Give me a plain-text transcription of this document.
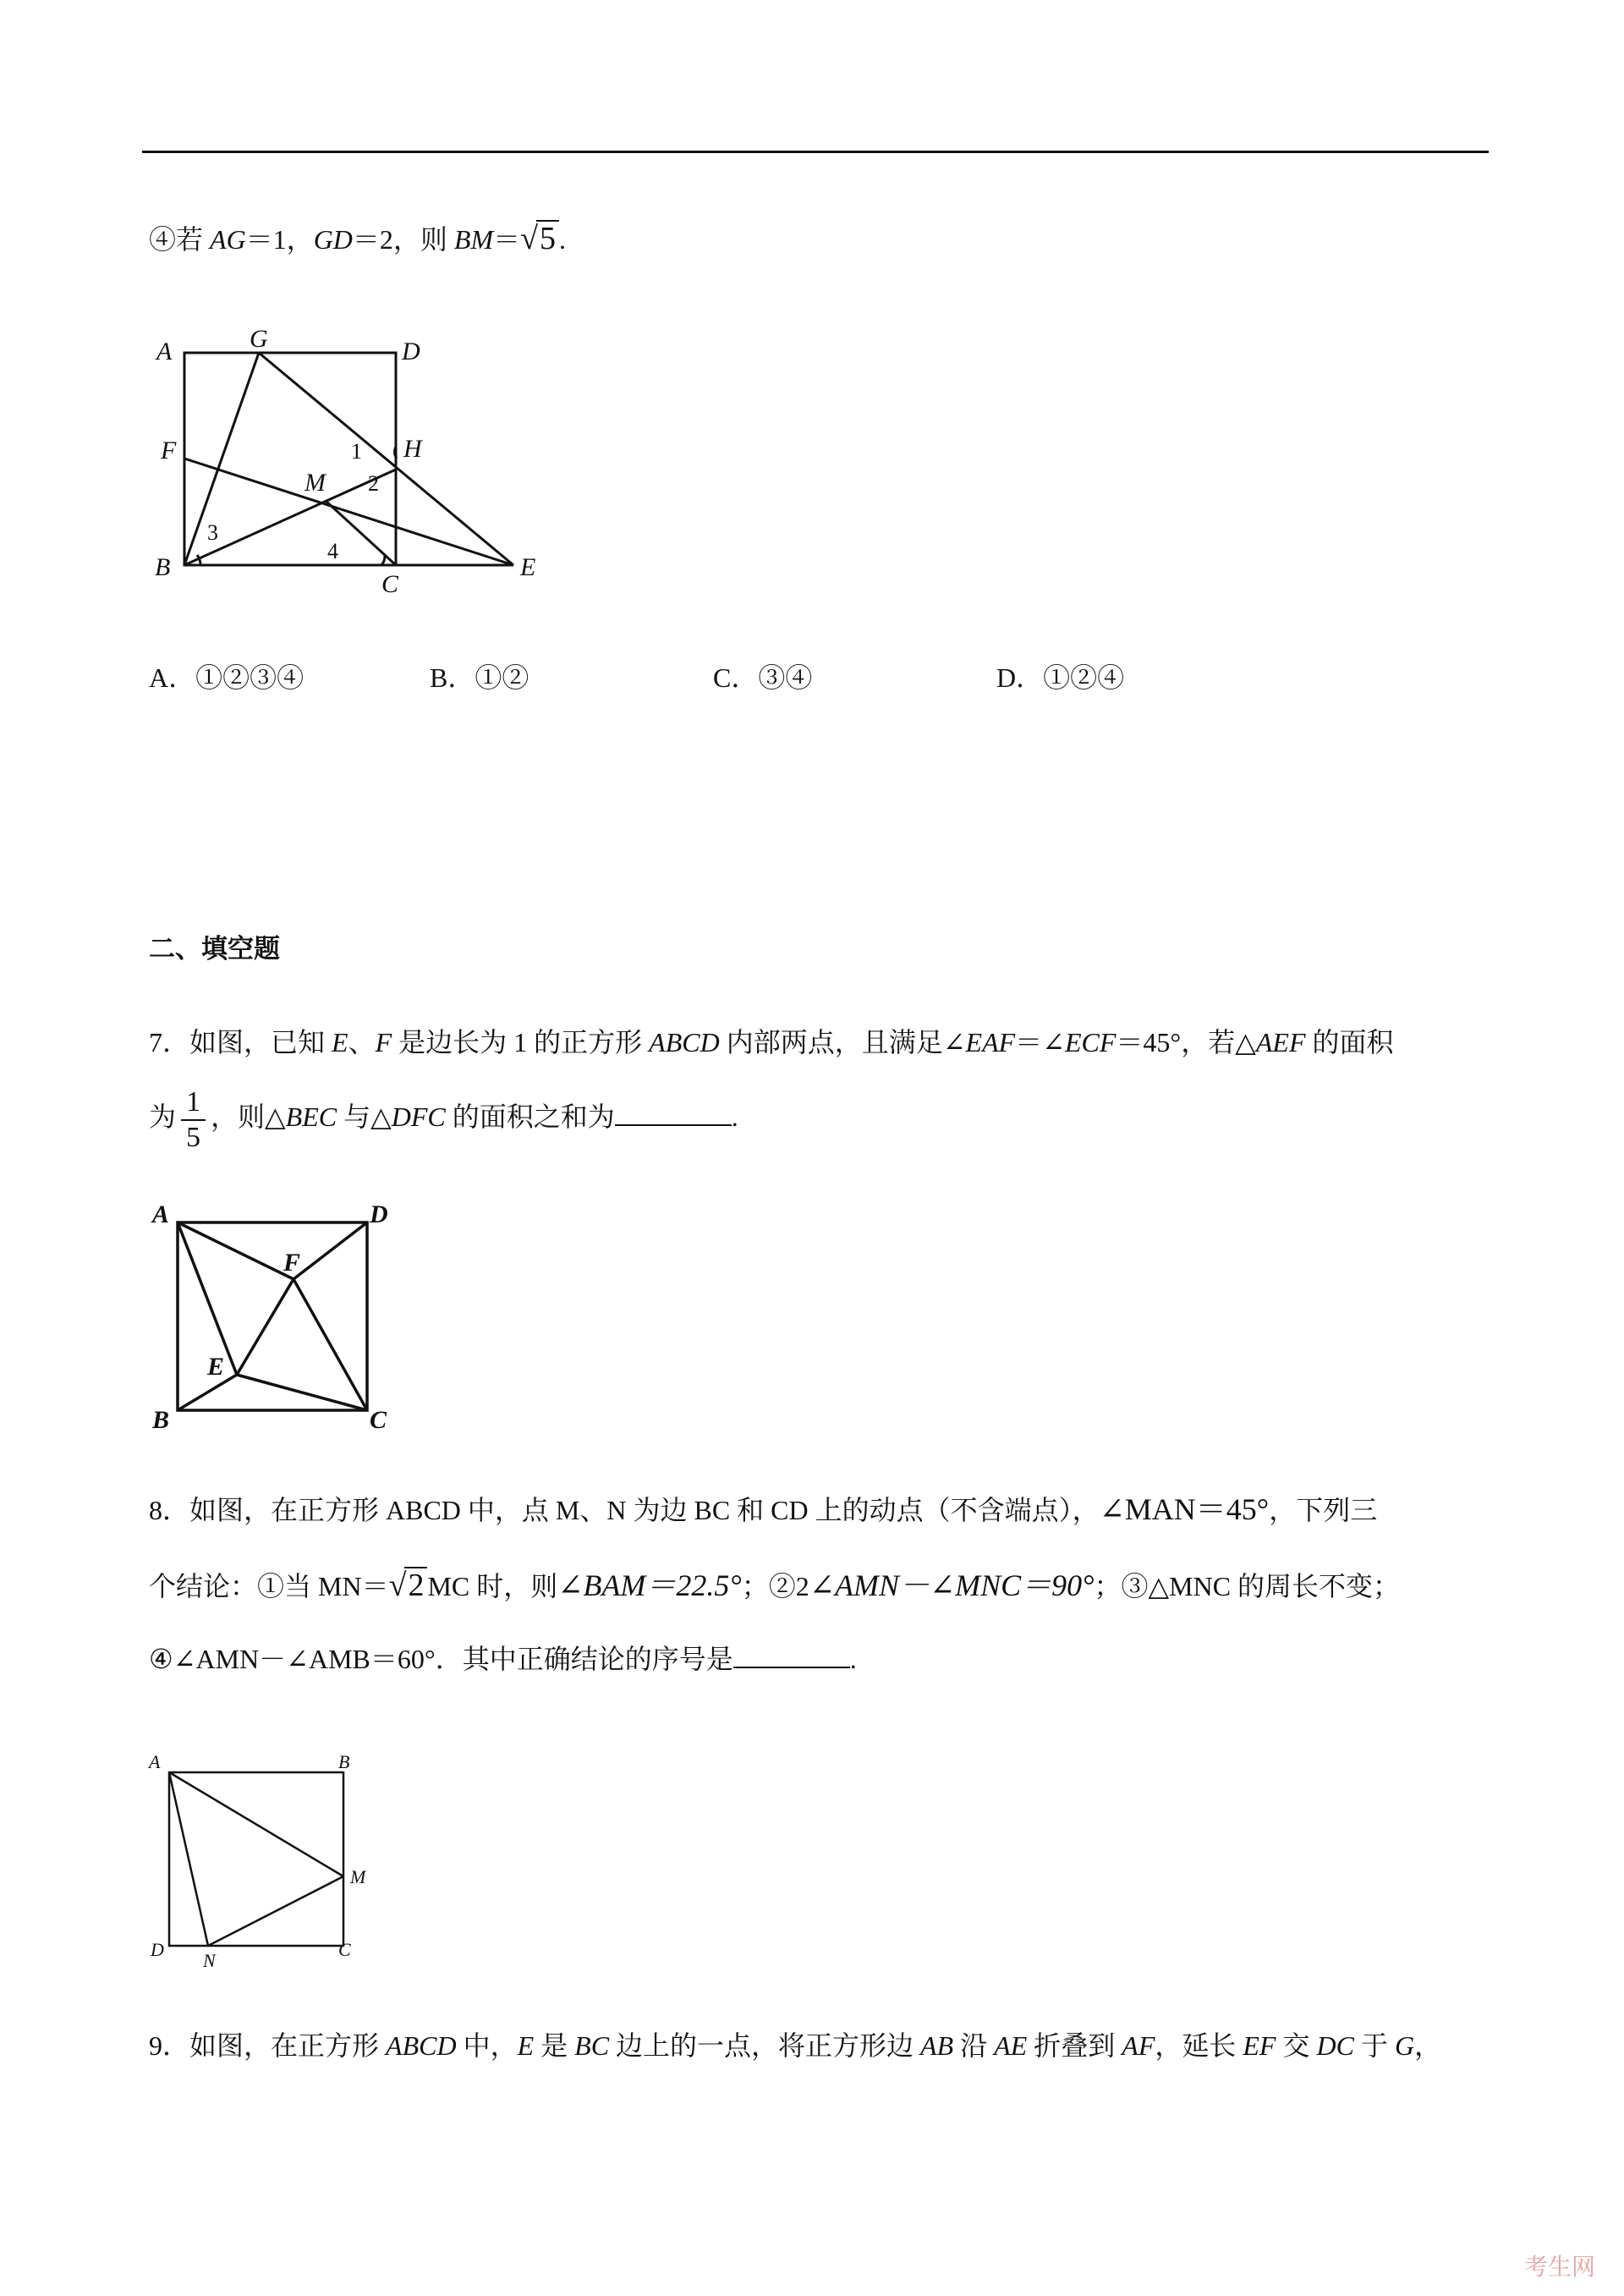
④若 AG＝1，GD＝2，则 BM＝√5 .
A	G	D
F	H
M
B
C
E
1
2
3
4
A．①②③④	B．①②	C．③④	D．①②④
二、填空题
7．如图，已知 E、F 是边长为 1 的正方形 ABCD 内部两点，且满足∠EAF＝∠ECF＝45°，若△AEF 的面积
为 $\frac{1}{5}$ ，则△BEC 与△DFC 的面积之和为	.
A	D
F
E
B	C
8．如图，在正方形 ABCD 中，点 M、N 为边 BC 和 CD 上的动点（不含端点），∠MAN＝45°，下列三
个结论：①当 MN＝√2 MC 时，则∠BAM＝22.5°；②2∠AMN－∠MNC＝90°；③△MNC 的周长不变；
④∠AMN－∠AMB＝60°．其中正确结论的序号是	.
A	B
M
D
N
C
9．如图，在正方形 ABCD 中，E 是 BC 边上的一点，将正方形边 AB 沿 AE 折叠到 AF，延长 EF 交 DC 于 G，
考生网
